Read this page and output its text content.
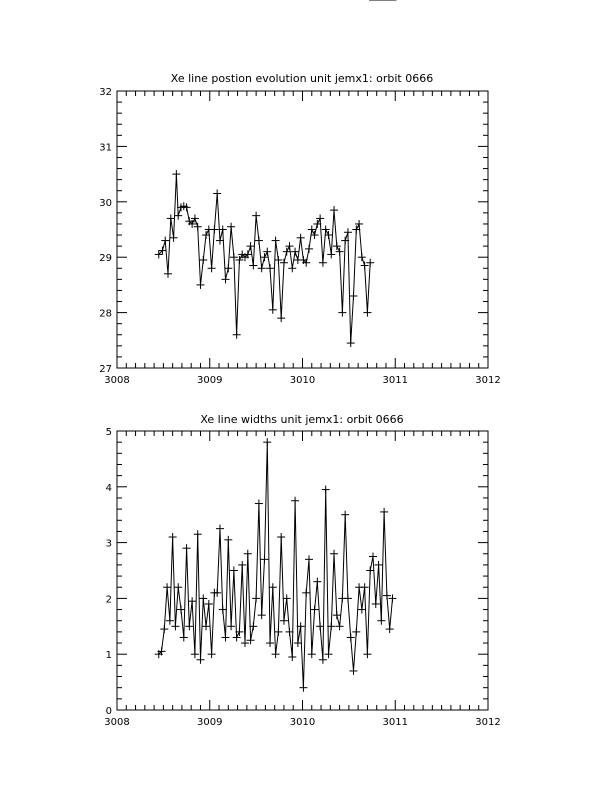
Xe line postion evolution unit jemx1: orbit 0666
3008	3009	3010	3011	3012
27
28
29
30
31
32
Xe line widths unit jemx1: orbit 0666
3008	3009	3010	3011	3012
0
1
2
3
4
5
